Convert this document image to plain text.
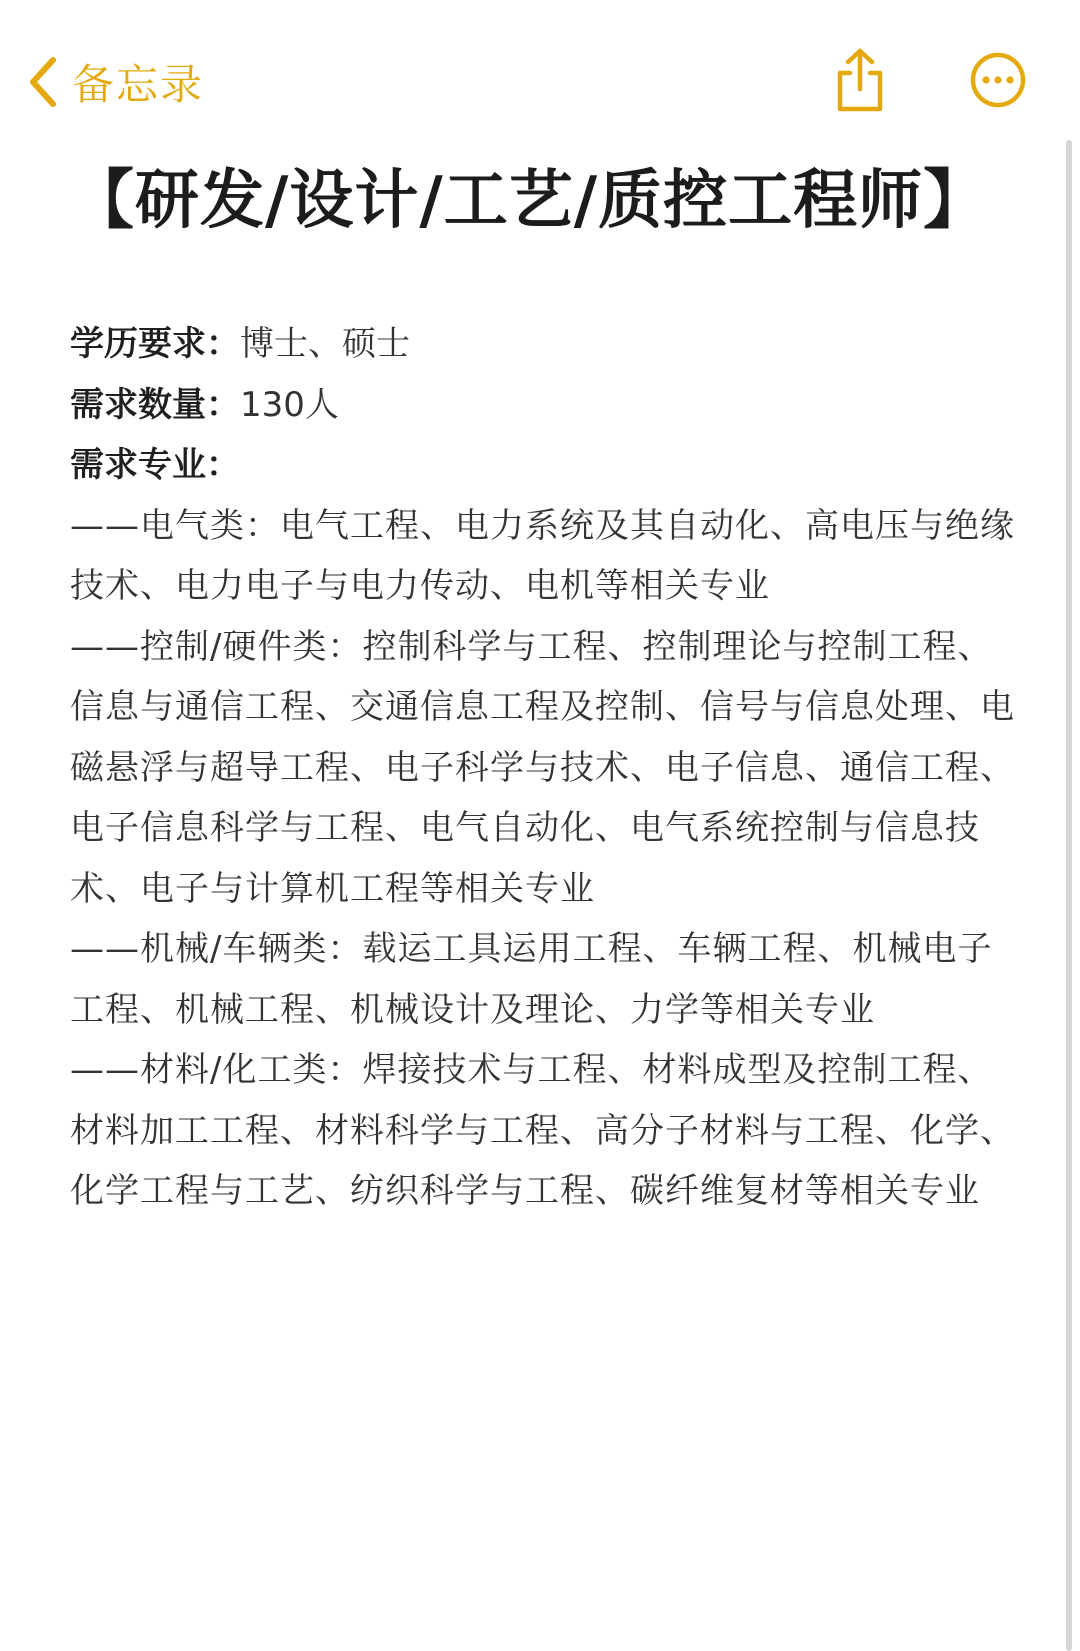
备忘录
【研发/设计/工艺/质控工程师】
学历要求：博士、硕士
需求数量：130人
需求专业：
——电气类：电气工程、电力系统及其自动化、高电压与绝缘技术、电力电子与电力传动、电机等相关专业
——控制/硬件类：控制科学与工程、控制理论与控制工程、信息与通信工程、交通信息工程及控制、信号与信息处理、电磁悬浮与超导工程、电子科学与技术、电子信息、通信工程、电子信息科学与工程、电气自动化、电气系统控制与信息技术、电子与计算机工程等相关专业
——机械/车辆类：载运工具运用工程、车辆工程、机械电子工程、机械工程、机械设计及理论、力学等相关专业
——材料/化工类：焊接技术与工程、材料成型及控制工程、材料加工工程、材料科学与工程、高分子材料与工程、化学、化学工程与工艺、纺织科学与工程、碳纤维复材等相关专业
